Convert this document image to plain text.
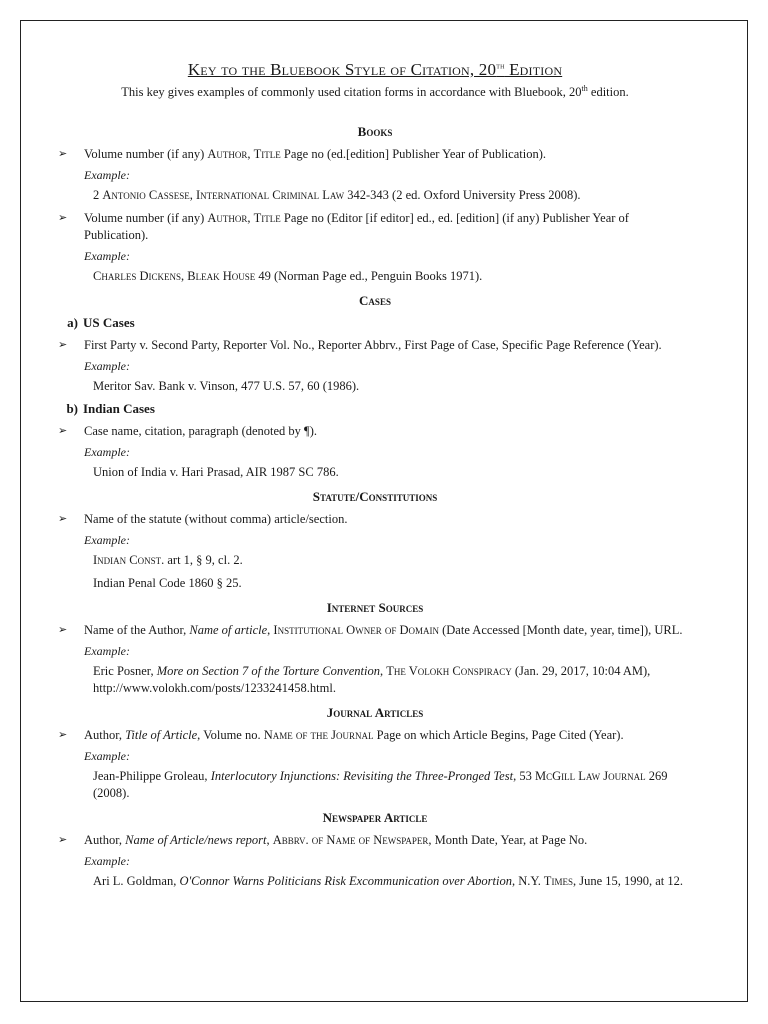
Key to the Bluebook Style of Citation, 20th Edition
This key gives examples of commonly used citation forms in accordance with Bluebook, 20th edition.
Books
➢ Volume number (if any) Author, Title Page no (ed.[edition] Publisher Year of Publication).
Example:
2 Antonio Cassese, International Criminal Law 342-343 (2 ed. Oxford University Press 2008).
➢ Volume number (if any) Author, Title Page no (Editor [if editor] ed., ed. [edition] (if any) Publisher Year of Publication).
Example:
Charles Dickens, Bleak House 49 (Norman Page ed., Penguin Books 1971).
Cases
a) US Cases
➢ First Party v. Second Party, Reporter Vol. No., Reporter Abbrv., First Page of Case, Specific Page Reference (Year).
Example:
Meritor Sav. Bank v. Vinson, 477 U.S. 57, 60 (1986).
b) Indian Cases
➢ Case name, citation, paragraph (denoted by ¶).
Example:
Union of India v. Hari Prasad, AIR 1987 SC 786.
Statute/Constitutions
➢ Name of the statute (without comma) article/section.
Example:
Indian Const. art 1, § 9, cl. 2.
Indian Penal Code 1860 § 25.
Internet Sources
➢ Name of the Author, Name of article, Institutional Owner of Domain (Date Accessed [Month date, year, time]), URL.
Example:
Eric Posner, More on Section 7 of the Torture Convention, The Volokh Conspiracy (Jan. 29, 2017, 10:04 AM), http://www.volokh.com/posts/1233241458.html.
Journal Articles
➢ Author, Title of Article, Volume no. Name of the Journal Page on which Article Begins, Page Cited (Year).
Example:
Jean-Philippe Groleau, Interlocutory Injunctions: Revisiting the Three-Pronged Test, 53 McGill Law Journal 269 (2008).
Newspaper Article
➢ Author, Name of Article/news report, Abbrv. of Name of Newspaper, Month Date, Year, at Page No.
Example:
Ari L. Goldman, O'Connor Warns Politicians Risk Excommunication over Abortion, N.Y. Times, June 15, 1990, at 12.
